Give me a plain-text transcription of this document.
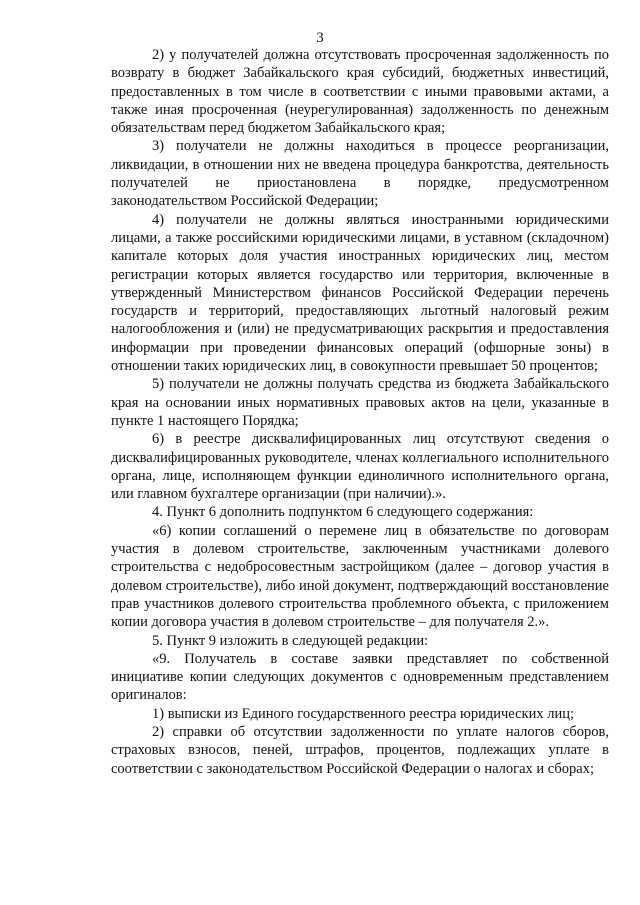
3

2) у получателей должна отсутствовать просроченная задолженность по возврату в бюджет Забайкальского края субсидий, бюджетных инвестиций, предоставленных в том числе в соответствии с иными правовыми актами, а также иная просроченная (неурегулированная) задолженность по денежным обязательствам перед бюджетом Забайкальского края;

3) получатели не должны находиться в процессе реорганизации, ликвидации, в отношении них не введена процедура банкротства, деятельность получателей не приостановлена в порядке, предусмотренном законодательством Российской Федерации;

4) получатели не должны являться иностранными юридическими лицами, а также российскими юридическими лицами, в уставном (складочном) капитале которых доля участия иностранных юридических лиц, местом регистрации которых является государство или территория, включенные в утвержденный Министерством финансов Российской Федерации перечень государств и территорий, предоставляющих льготный налоговый режим налогообложения и (или) не предусматривающих раскрытия и предоставления информации при проведении финансовых операций (офшорные зоны) в отношении таких юридических лиц, в совокупности превышает 50 процентов;

5) получатели не должны получать средства из бюджета Забайкальского края на основании иных нормативных правовых актов на цели, указанные в пункте 1 настоящего Порядка;

6) в реестре дисквалифицированных лиц отсутствуют сведения о дисквалифицированных руководителе, членах коллегиального исполнительного органа, лице, исполняющем функции единоличного исполнительного органа, или главном бухгалтере организации (при наличии).».

4. Пункт 6 дополнить подпунктом 6 следующего содержания:

«6) копии соглашений о перемене лиц в обязательстве по договорам участия в долевом строительстве, заключенным участниками долевого строительства с недобросовестным застройщиком (далее – договор участия в долевом строительстве), либо иной документ, подтверждающий восстановление прав участников долевого строительства проблемного объекта, с приложением копии договора участия в долевом строительстве – для получателя 2.».

5. Пункт 9 изложить в следующей редакции:

«9. Получатель в составе заявки представляет по собственной инициативе копии следующих документов с одновременным представлением оригиналов:

1) выписки из Единого государственного реестра юридических лиц;

2) справки об отсутствии задолженности по уплате налогов сборов, страховых взносов, пеней, штрафов, процентов, подлежащих уплате в соответствии с законодательством Российской Федерации о налогах и сборах;
